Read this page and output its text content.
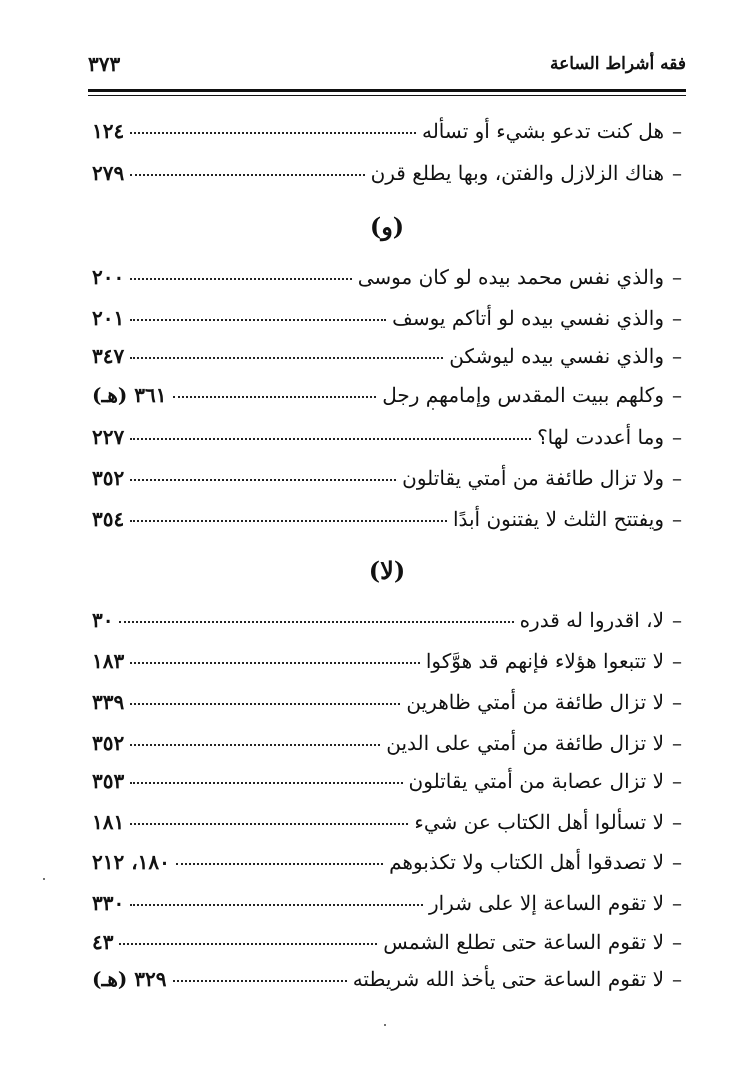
فقه أشراط الساعة
٣٧٣
–
هل كنت تدعو بشيء أو تسأله
١٢٤
–
هناك الزلازل والفتن، وبها يطلع قرن
٢٧٩
(و)
–
والذي نفس محمد بيده لو كان موسى
٢٠٠
–
والذي نفسي بيده لو أتاكم يوسف
٢٠١
–
والذي نفسي بيده ليوشكن
٣٤٧
–
وكلهم ببيت المقدس وإمامهم رجل
٣٦١ (هـ)
–
وما أعددت لها؟
٢٢٧
–
ولا تزال طائفة من أمتي يقاتلون
٣٥٢
–
ويفتتح الثلث لا يفتنون أبدًا
٣٥٤
(لا)
–
لا، اقدروا له قدره
٣٠
–
لا تتبعوا هؤلاء فإنهم قد هوَّكوا
١٨٣
–
لا تزال طائفة من أمتي ظاهرين
٣٣٩
–
لا تزال طائفة من أمتي على الدين
٣٥٢
–
لا تزال عصابة من أمتي يقاتلون
٣٥٣
–
لا تسألوا أهل الكتاب عن شيء
١٨١
–
لا تصدقوا أهل الكتاب ولا تكذبوهم
١٨٠، ٢١٢
–
لا تقوم الساعة إلا على شرار
٣٣٠
–
لا تقوم الساعة حتى تطلع الشمس
٤٣
–
لا تقوم الساعة حتى يأخذ الله شريطته
٣٢٩ (هـ)
